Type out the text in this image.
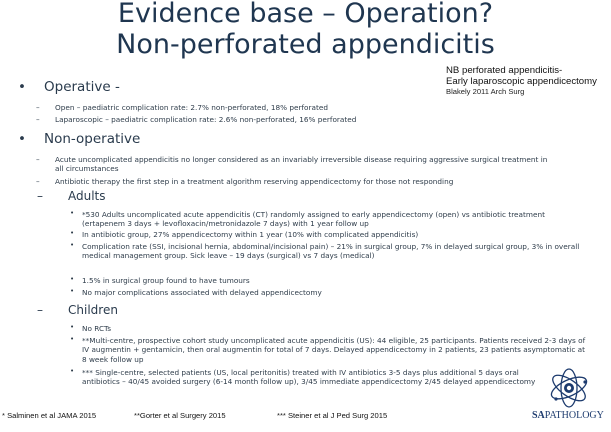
Evidence base – Operation?
Non-perforated appendicitis
NB perforated appendicitis-
Early laparoscopic appendicectomy
Blakely 2011 Arch Surg
• Operative -
– Open – paediatric complication rate: 2.7% non-perforated, 18% perforated
– Laparoscopic – paediatric complication rate: 2.6% non-perforated, 16% perforated
• Non-operative
– Acute uncomplicated appendicitis no longer considered as an invariably irreversible disease requiring aggressive surgical treatment in all circumstances
– Antibiotic therapy the first step in a treatment algorithm reserving appendicectomy for those not responding
– Adults
• *530 Adults uncomplicated acute appendicitis (CT) randomly assigned to early appendicectomy (open) vs antibiotic treatment (ertapenem 3 days + levofloxacin/metronidazole 7 days) with 1 year follow up
• In antibiotic group, 27% appendicectomy within 1 year (10% with complicated appendicitis)
• Complication rate (SSI, incisional hernia, abdominal/incisional pain) – 21% in surgical group, 7% in delayed surgical group, 3% in overall medical management group. Sick leave – 19 days (surgical) vs 7 days (medical)
• 1.5% in surgical group found to have tumours
• No major complications associated with delayed appendicectomy
– Children
• No RCTs
• **Multi-centre, prospective cohort study uncomplicated acute appendicitis (US): 44 eligible, 25 participants. Patients received 2-3 days of IV augmentin + gentamicin, then oral augmentin for total of 7 days. Delayed appendicectomy in 2 patients, 23 patients asymptomatic at 8 week follow up
• *** Single-centre, selected patients (US, local peritonitis) treated with IV antibiotics 3-5 days plus additional 5 days oral antibiotics – 40/45 avoided surgery (6-14 month follow up), 3/45 immediate appendicectomy 2/45 delayed appendicectomy
* Salminen et al JAMA 2015	**Gorter et al Surgery 2015	*** Steiner et al J Ped Surg 2015	SAPATHOLOGY
